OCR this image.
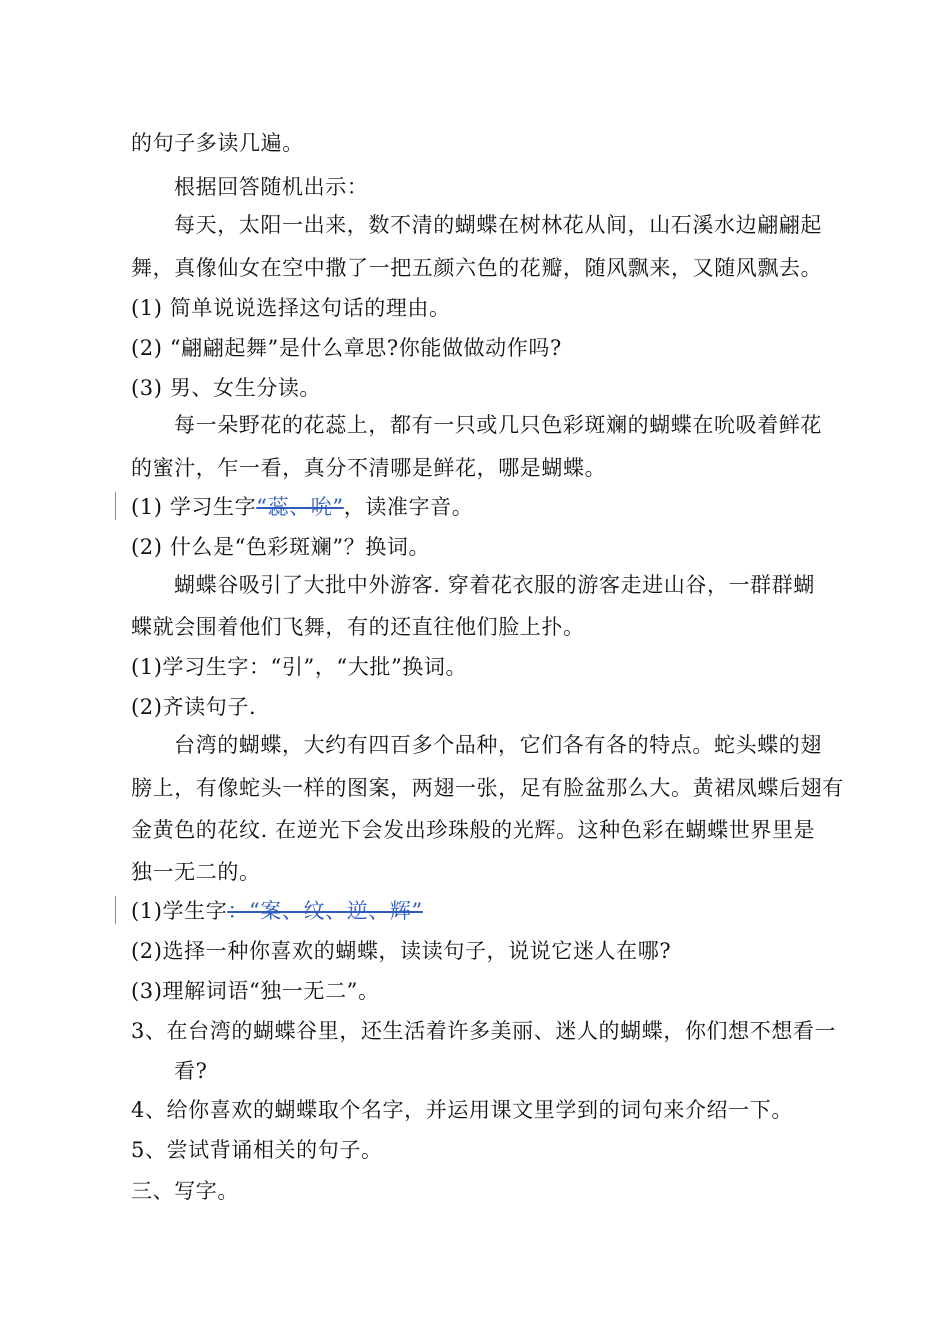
的句子多读几遍。
根据回答随机出示：
每天，太阳一出来，数不清的蝴蝶在树林花从间，山石溪水边翩翩起
舞，真像仙女在空中撒了一把五颜六色的花瓣，随风飘来，又随风飘去。
(1) 简单说说选择这句话的理由。
(2) “翩翩起舞”是什么章思?你能做做动作吗?
(3) 男、女生分读。
每一朵野花的花蕊上，都有一只或几只色彩斑斓的蝴蝶在吮吸着鲜花
的蜜汁，乍一看，真分不清哪是鲜花，哪是蝴蝶。
(1) 学习生字“蕊、吮”，读准字音。
(2) 什么是“色彩斑斓”？换词。
蝴蝶谷吸引了大批中外游客. 穿着花衣服的游客走进山谷，一群群蝴
蝶就会围着他们飞舞，有的还直往他们脸上扑。
(1)学习生字：“引”，“大批”换词。
(2)齐读句子.
台湾的蝴蝶，大约有四百多个品种，它们各有各的特点。蛇头蝶的翅
膀上，有像蛇头一样的图案，两翅一张，足有脸盆那么大。黄裙凤蝶后翅有
金黄色的花纹. 在逆光下会发出珍珠般的光辉。这种色彩在蝴蝶世界里是
独一无二的。
(1)学生字：“案、纹、逆、辉”
(2)选择一种你喜欢的蝴蝶，读读句子，说说它迷人在哪?
(3)理解词语“独一无二”。
3、在台湾的蝴蝶谷里，还生活着许多美丽、迷人的蝴蝶，你们想不想看一
看?
4、给你喜欢的蝴蝶取个名字，并运用课文里学到的词句来介绍一下。
5、尝试背诵相关的句子。
三、写字。
